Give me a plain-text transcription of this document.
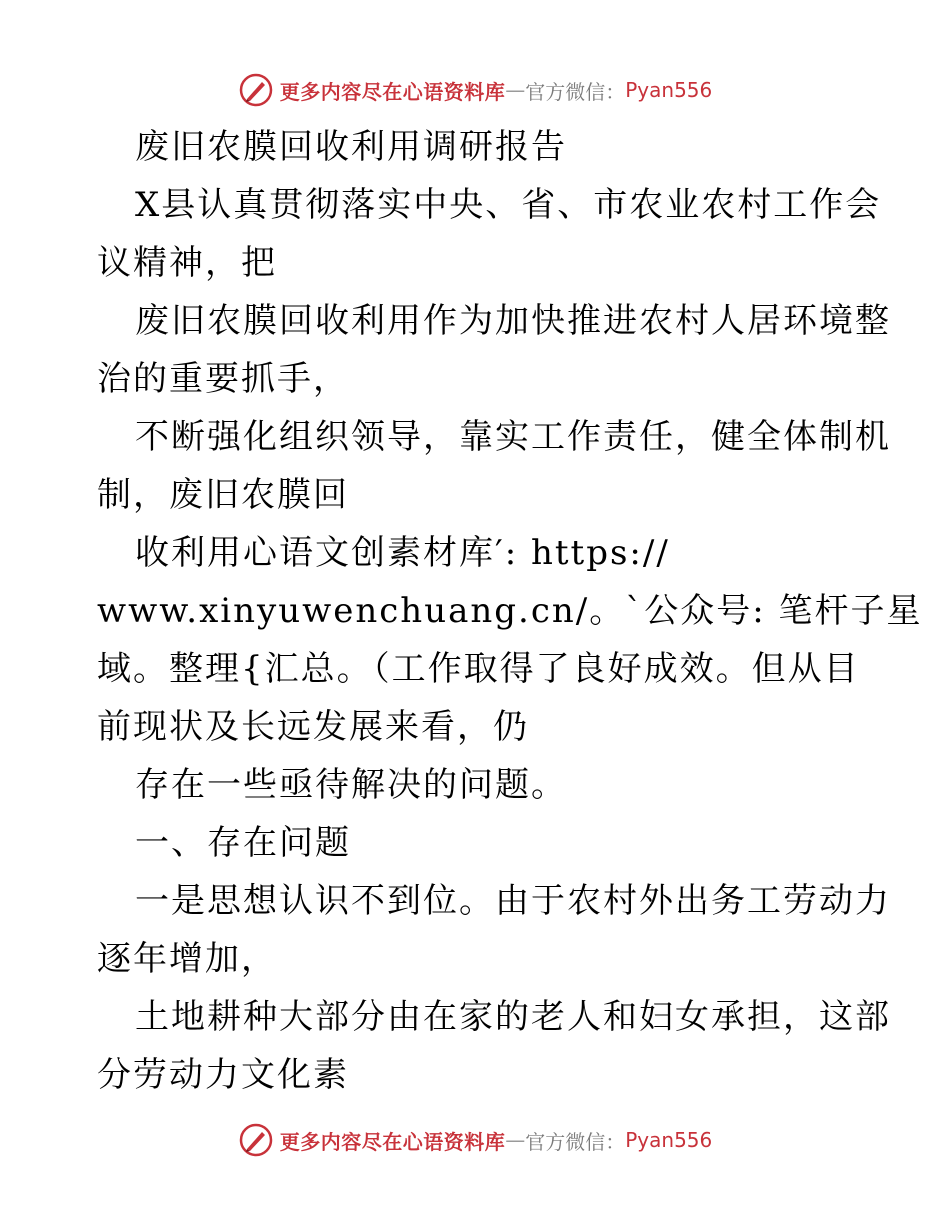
更多内容尽在心语资料库 — 官方微信： Pyan556
废旧农膜回收利用调研报告
X县认真贯彻落实中央、省、市农业农村工作会
议精神，把
废旧农膜回收利用作为加快推进农村人居环境整
治的重要抓手，
不断强化组织领导，靠实工作责任，健全体制机
制，废旧农膜回
收利用心语文创素材库′: https://
www.xinyuwenchuang.cn/。`公众号: 笔杆子星
域。整理{汇总。（工作取得了良好成效。但从目
前现状及长远发展来看，仍
存在一些亟待解决的问题。
一、存在问题
一是思想认识不到位。由于农村外出务工劳动力
逐年增加，
土地耕种大部分由在家的老人和妇女承担，这部
分劳动力文化素
更多内容尽在心语资料库 — 官方微信： Pyan556
